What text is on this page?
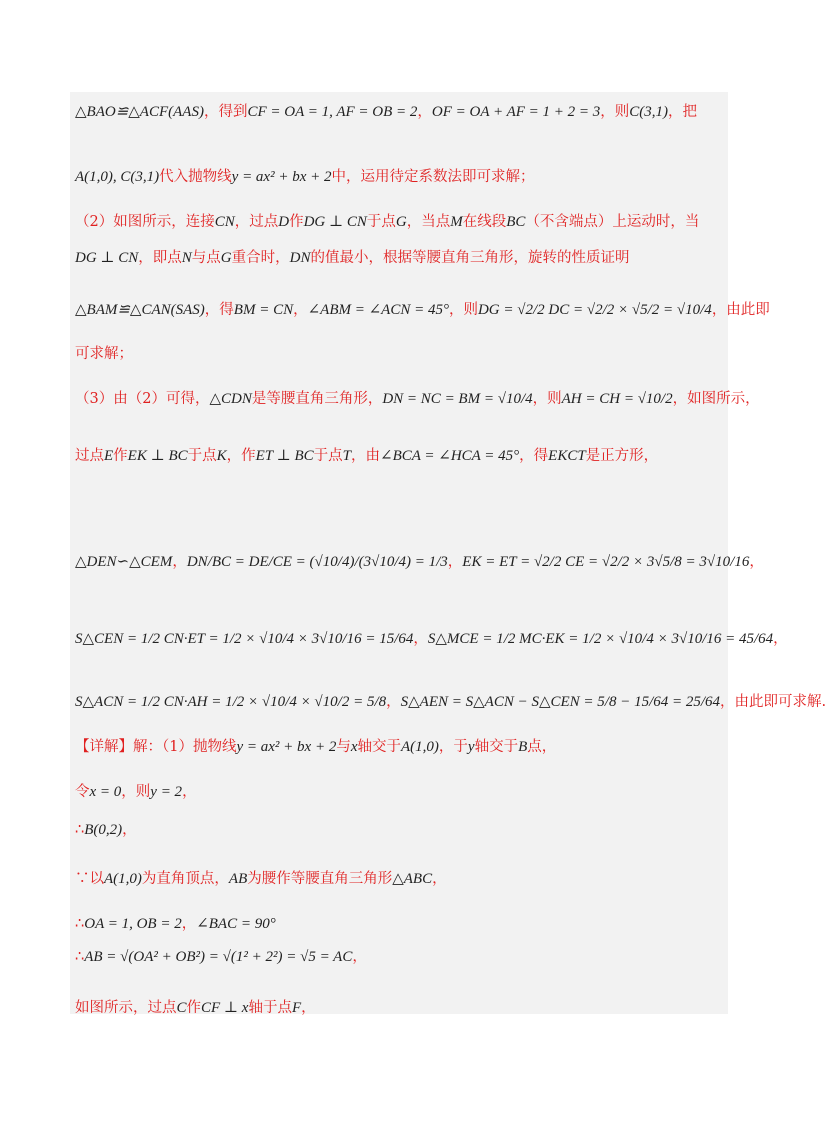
△BAO≌△ACF(AAS)，得到CF = OA = 1, AF = OB = 2，OF = OA + AF = 1 + 2 = 3，则C(3,1)，把
A(1,0), C(3,1)代入抛物线y = ax² + bx + 2中，运用待定系数法即可求解；
（2）如图所示，连接CN，过点D作DG ⊥ CN于点G，当点M在线段BC（不含端点）上运动时，当
DG ⊥ CN，即点N与点G重合时，DN的值最小，根据等腰直角三角形，旋转的性质证明
△BAM≌△CAN(SAS)，得BM = CN，∠ABM = ∠ACN = 45°，则DG = √2/2 DC = √2/2 × √5/2 = √10/4，由此即
可求解；
（3）由（2）可得，△CDN是等腰直角三角形，DN = NC = BM = √10/4，则AH = CH = √10/2，如图所示，
过点E作EK ⊥ BC于点K，作ET ⊥ BC于点T，由∠BCA = ∠HCA = 45°，得EKCT是正方形，
△DEN∽△CEM，DN/BC = DE/CE = (√10/4)/(3√10/4) = 1/3，EK = ET = √2/2 CE = √2/2 × 3√5/8 = 3√10/16，
S△CEN = 1/2 CN·ET = 1/2 × √10/4 × 3√10/16 = 15/64，S△MCE = 1/2 MC·EK = 1/2 × √10/4 × 3√10/16 = 45/64，
S△ACN = 1/2 CN·AH = 1/2 × √10/4 × √10/2 = 5/8，S△AEN = S△ACN − S△CEN = 5/8 − 15/64 = 25/64，由此即可求解.
【详解】解：（1）抛物线y = ax² + bx + 2与x轴交于A(1,0)，于y轴交于B点，
令x = 0，则y = 2，
∴B(0,2)，
∵以A(1,0)为直角顶点，AB为腰作等腰直角三角形△ABC，
∴OA = 1, OB = 2，∠BAC = 90°
∴AB = √(OA² + OB²) = √(1² + 2²) = √5 = AC，
如图所示，过点C作CF ⊥ x轴于点F，
